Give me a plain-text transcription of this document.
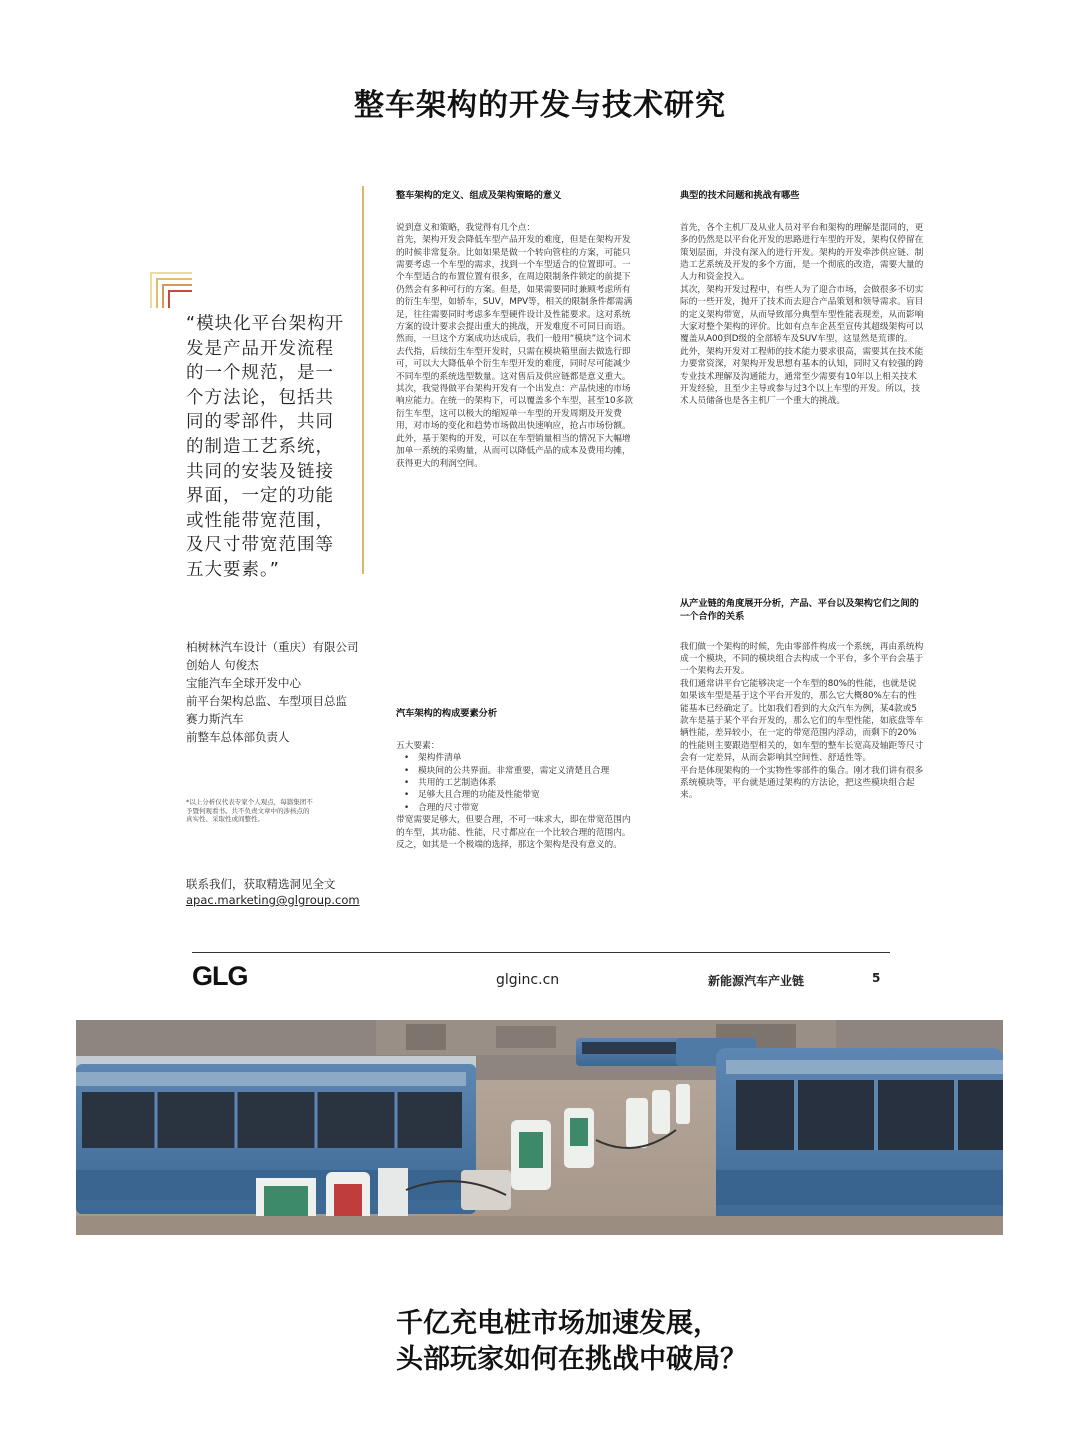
整车架构的开发与技术研究
“模块化平台架构开
发是产品开发流程
的一个规范，是一
个方法论，包括共
同的零部件，共同
的制造工艺系统，
共同的安装及链接
界面，一定的功能
或性能带宽范围，
及尺寸带宽范围等
五大要素。”
柏树林汽车设计（重庆）有限公司
创始人 句俊杰
宝能汽车全球开发中心
前平台架构总监、车型项目总监
赛力斯汽车
前整车总体部负责人
*以上分析仅代表专家个人观点，每篇集团不
予暨何观看书。共不负责文章中的涉核点的
真实性、采取性或间整性。
联系我们，获取精选洞见全文
apac.marketing@glgroup.com
整车架构的定义、组成及架构策略的意义

说到意义和策略，我觉得有几个点：

首先，架构开发会降低车型产品开发的难度，但是在架构开发的时候非常复杂。比如如果是做一个转向管柱的方案，可能只需要考虑一个车型的需求，找到一个车型适合的位置即可。一个车型适合的布置位置有很多，在周边限制条件锁定的前提下仍然会有多种可行的方案。但是，如果需要同时兼顾考虑所有的衍生车型，如轿车，SUV，MPV等，相关的限制条件都需满足，往往需要同时考虑多车型硬件设计及性能要求。这对系统方案的设计要求会提出重大的挑战，开发难度不可同日而语。然而，一旦这个方案成功达成后，我们一般用“模块”这个词术去代指，后续衍生车型开发时，只需在模块箱里面去做选行即可，可以大大降低单个衍生车型开发的难度，同时尽可能减少不同车型的系统选型数量。这对售后及供应链都是意义重大。

其次，我觉得做平台架构开发有一个出发点：产品快速的市场响应能力。在统一的架构下，可以覆盖多个车型，甚至10多款衍生车型，这可以极大的缩短单一车型的开发周期及开发费用，对市场的变化和趋势市场做出快速响应，抢占市场份额。

此外，基于架构的开发，可以在车型销量相当的情况下大幅增加单一系统的采购量，从而可以降低产品的成本及费用均摊，获得更大的利润空间。

汽车架构的构成要素分析

五大要素：

• 架构件清单
• 模块间的公共界面。非常重要，需定义清楚且合理
• 共用的工艺制造体系
• 足够大且合理的功能及性能带宽
• 合理的尺寸带宽

带宽需要足够大，但要合理，不可一味求大，即在带宽范围内的车型，其功能、性能，尺寸都应在一个比较合理的范围内。反之，如其是一个极端的选择，那这个架构是没有意义的。

典型的技术问题和挑战有哪些

首先，各个主机厂及从业人员对平台和架构的理解是混同的，更多的仍然是以平台化开发的思路进行车型的开发，架构仅停留在策划层面，并没有深入的进行开发。架构的开发牵涉供应链、制造工艺系统及开发的多个方面，是一个彻底的改造，需要大量的人力和资金投入。

其次，架构开发过程中，有些人为了迎合市场，会做很多不切实际的一些开发，抛开了技术而去迎合产品策划和领导需求。盲目的定义架构带宽，从而导致部分典型车型性能表现差，从而影响大家对整个架构的评价。比如有点车企甚至宣传其超级架构可以覆盖从A00到D级的全部轿车及SUV车型，这显然是荒谬的。

此外，架构开发对工程师的技术能力要求很高，需要其在技术能力要常资深，对架构开发思想有基本的认知，同时又有较强的跨专业技术理解及沟通能力，通常至少需要有10年以上相关技术开发经验，且至少主导或参与过3个以上车型的开发。所以，技术人员储备也是各主机厂一个重大的挑战。

从产业链的角度展开分析，产品、平台以及架构它们之间的一个合作的关系

我们做一个架构的时候，先由零部件构成一个系统，再由系统构成一个模块，不同的模块组合去构成一个平台，多个平台会基于一个架构去开发。

我们通常讲平台它能够决定一个车型的80%的性能，也就是说如果该车型是基于这个平台开发的，那么它大概80%左右的性能基本已经确定了。比如我们看到的大众汽车为例，某4款或5款车是基于某个平台开发的，那么它们的车型性能，如底盘等车辆性能，差异较小，在一定的带宽范围内浮动，而剩下的20%的性能则主要跟造型相关的，如车型的整车长宽高及轴距等尺寸会有一定差异，从而会影响其空间性、舒适性等。

平台是体现架构的一个实物性零部件的集合。刚才我们讲有很多系统模块等，平台就是通过架构的方法论，把这些模块组合起来。

GLG	glginc.cn	新能源汽车产业链	5
千亿充电桩市场加速发展，
头部玩家如何在挑战中破局？
